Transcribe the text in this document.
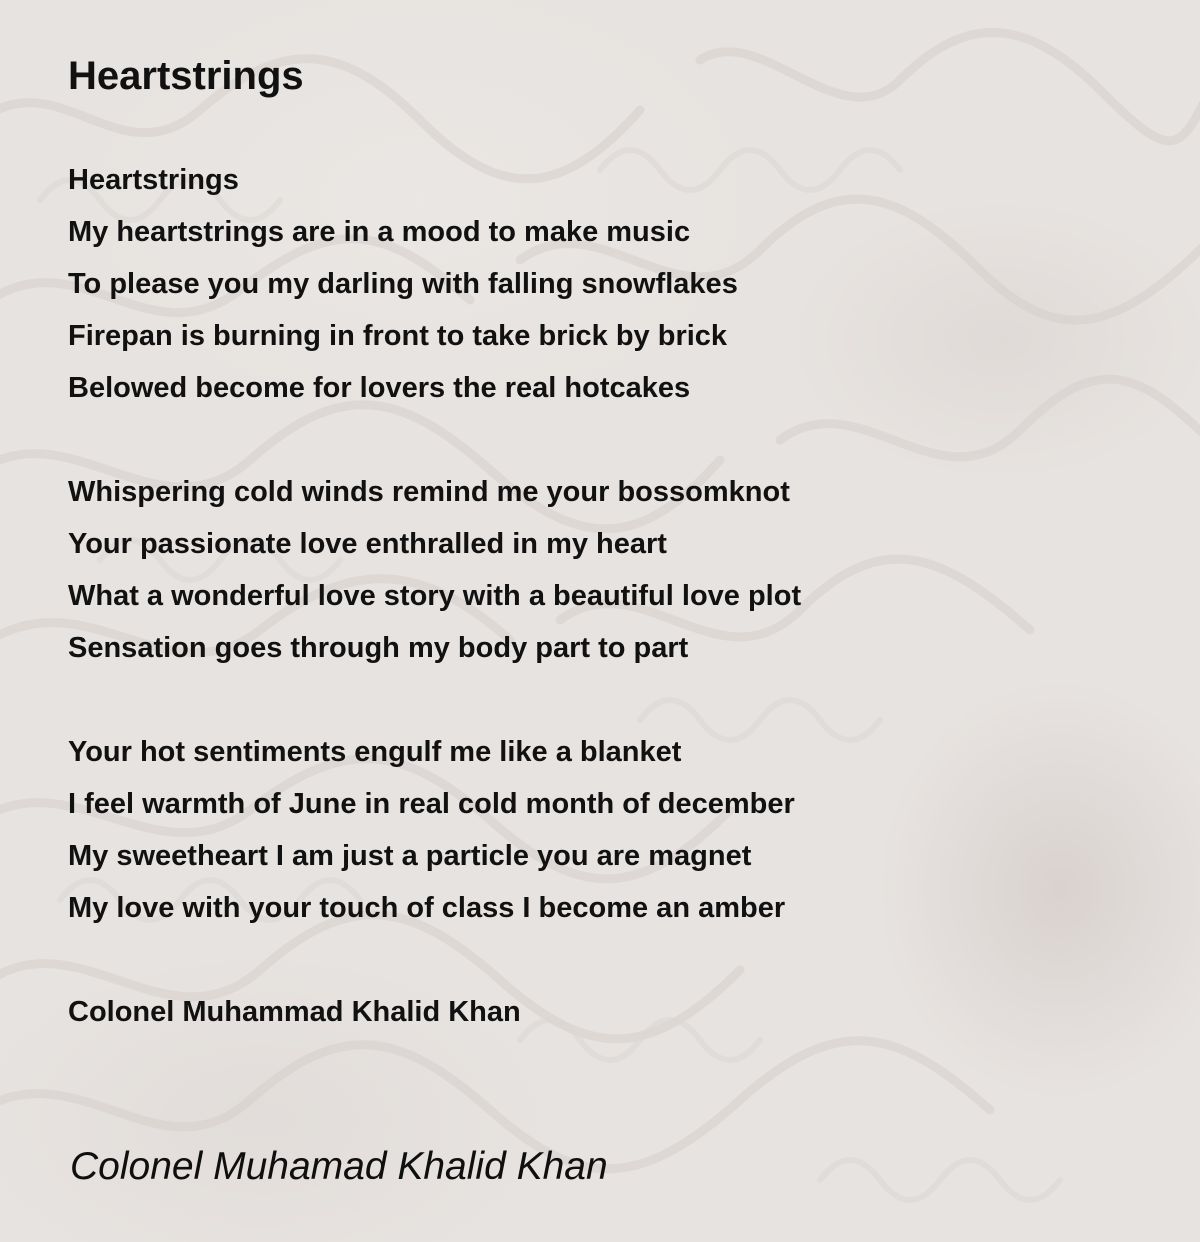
Heartstrings
Heartstrings
My heartstrings are in a mood to make music
To please you my darling with falling snowflakes
Firepan is burning in front to take brick by brick
Belowed become for lovers the real hotcakes
Whispering cold winds remind me your bossomknot
Your passionate love enthralled in my heart
What a wonderful love story with a beautiful love plot
Sensation goes through my body part to part
Your hot sentiments engulf me like a blanket
I feel warmth of June in real cold month of december
My sweetheart I am just a particle you are magnet
My love with your touch of class I become an amber
Colonel Muhammad Khalid Khan
Colonel Muhamad Khalid Khan
